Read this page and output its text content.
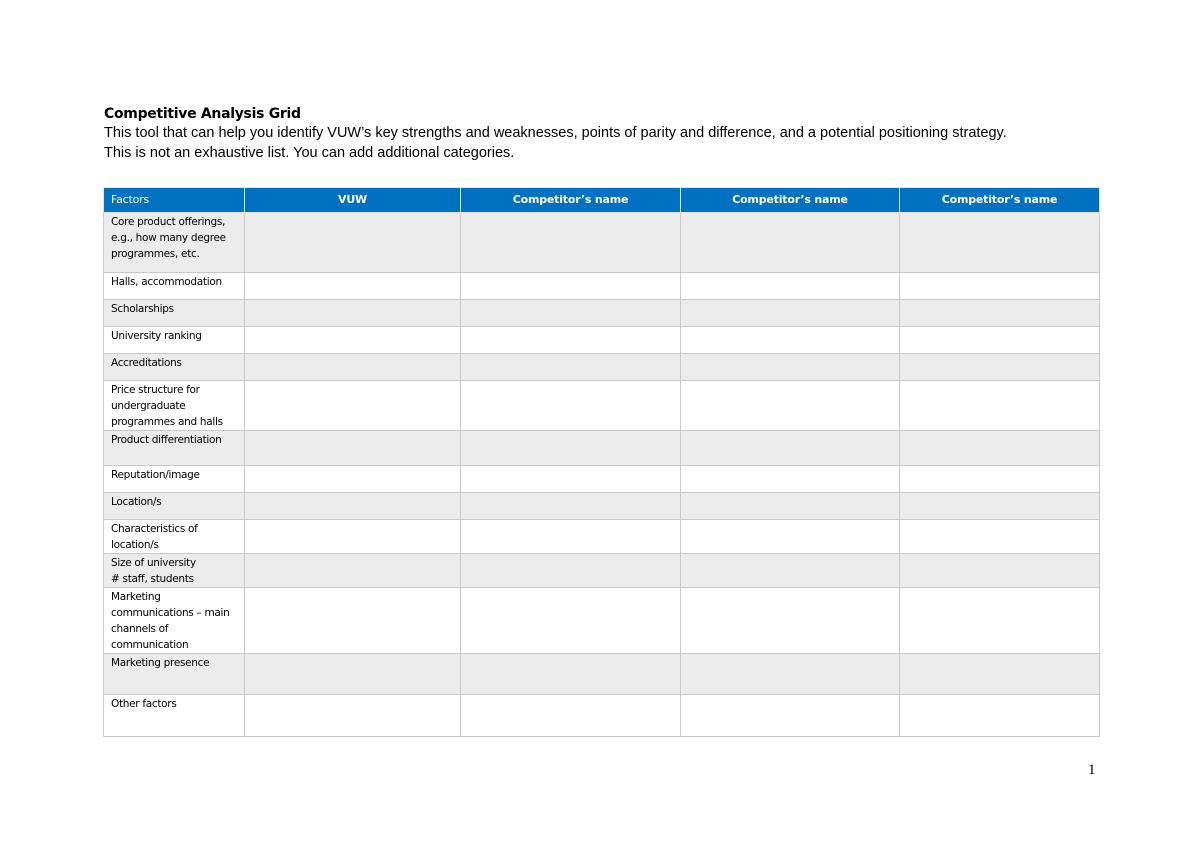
Competitive Analysis Grid
This tool that can help you identify VUW’s key strengths and weaknesses, points of parity and difference, and a potential positioning strategy.
This is not an exhaustive list. You can add additional categories.
Factors	VUW	Competitor’s name	Competitor’s name	Competitor’s name

Core product offerings,
e.g., how many degree
programmes, etc.				

Halls, accommodation				

Scholarships				

University ranking				

Accreditations				

Price structure for
undergraduate
programmes and halls				

Product differentiation				

Reputation/image				

Location/s				

Characteristics of
location/s				

Size of university
# staff, students				

Marketing
communications – main
channels of
communication				

Marketing presence				

Other factors				

1
